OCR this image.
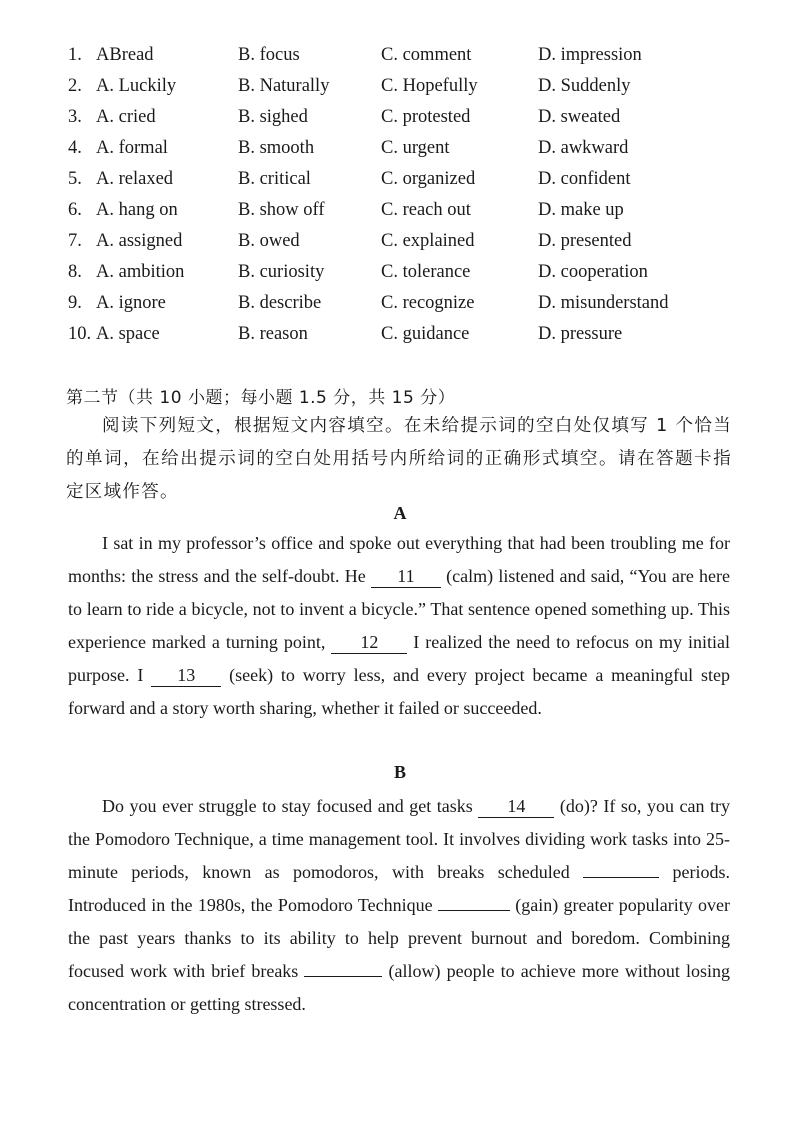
1. ABread	B. focus	C. comment	D. impression
2. A. Luckily	B. Naturally	C. Hopefully	D. Suddenly
3. A. cried	B. sighed	C. protested	D. sweated
4. A. formal	B. smooth	C. urgent	D. awkward
5. A. relaxed	B. critical	C. organized	D. confident
6. A. hang on	B. show off	C. reach out	D. make up
7. A. assigned	B. owed	C. explained	D. presented
8. A. ambition	B. curiosity	C. tolerance	D. cooperation
9. A. ignore	B. describe	C. recognize	D. misunderstand
10. A. space	B. reason	C. guidance	D. pressure
第二节（共 10 小题；每小题 1.5 分，共 15 分）
阅读下列短文，根据短文内容填空。在未给提示词的空白处仅填写 1 个恰当的单词，在给出提示词的空白处用括号内所给词的正确形式填空。请在答题卡指定区域作答。
A
I sat in my professor’s office and spoke out everything that had been troubling me for months: the stress and the self-doubt. He 11 (calm) listened and said, “You are here to learn to ride a bicycle, not to invent a bicycle.” That sentence opened something up. This experience marked a turning point, 12 I realized the need to refocus on my initial purpose. I 13 (seek) to worry less, and every project became a meaningful step forward and a story worth sharing, whether it failed or succeeded.
B
Do you ever struggle to stay focused and get tasks 14 (do)? If so, you can try the Pomodoro Technique, a time management tool. It involves dividing work tasks into 25-minute periods, known as pomodoros, with breaks scheduled	periods. Introduced in the 1980s, the Pomodoro Technique	(gain) greater popularity over the past years thanks to its ability to help prevent burnout and boredom. Combining focused work with brief breaks	(allow) people to achieve more without losing concentration or getting stressed.
